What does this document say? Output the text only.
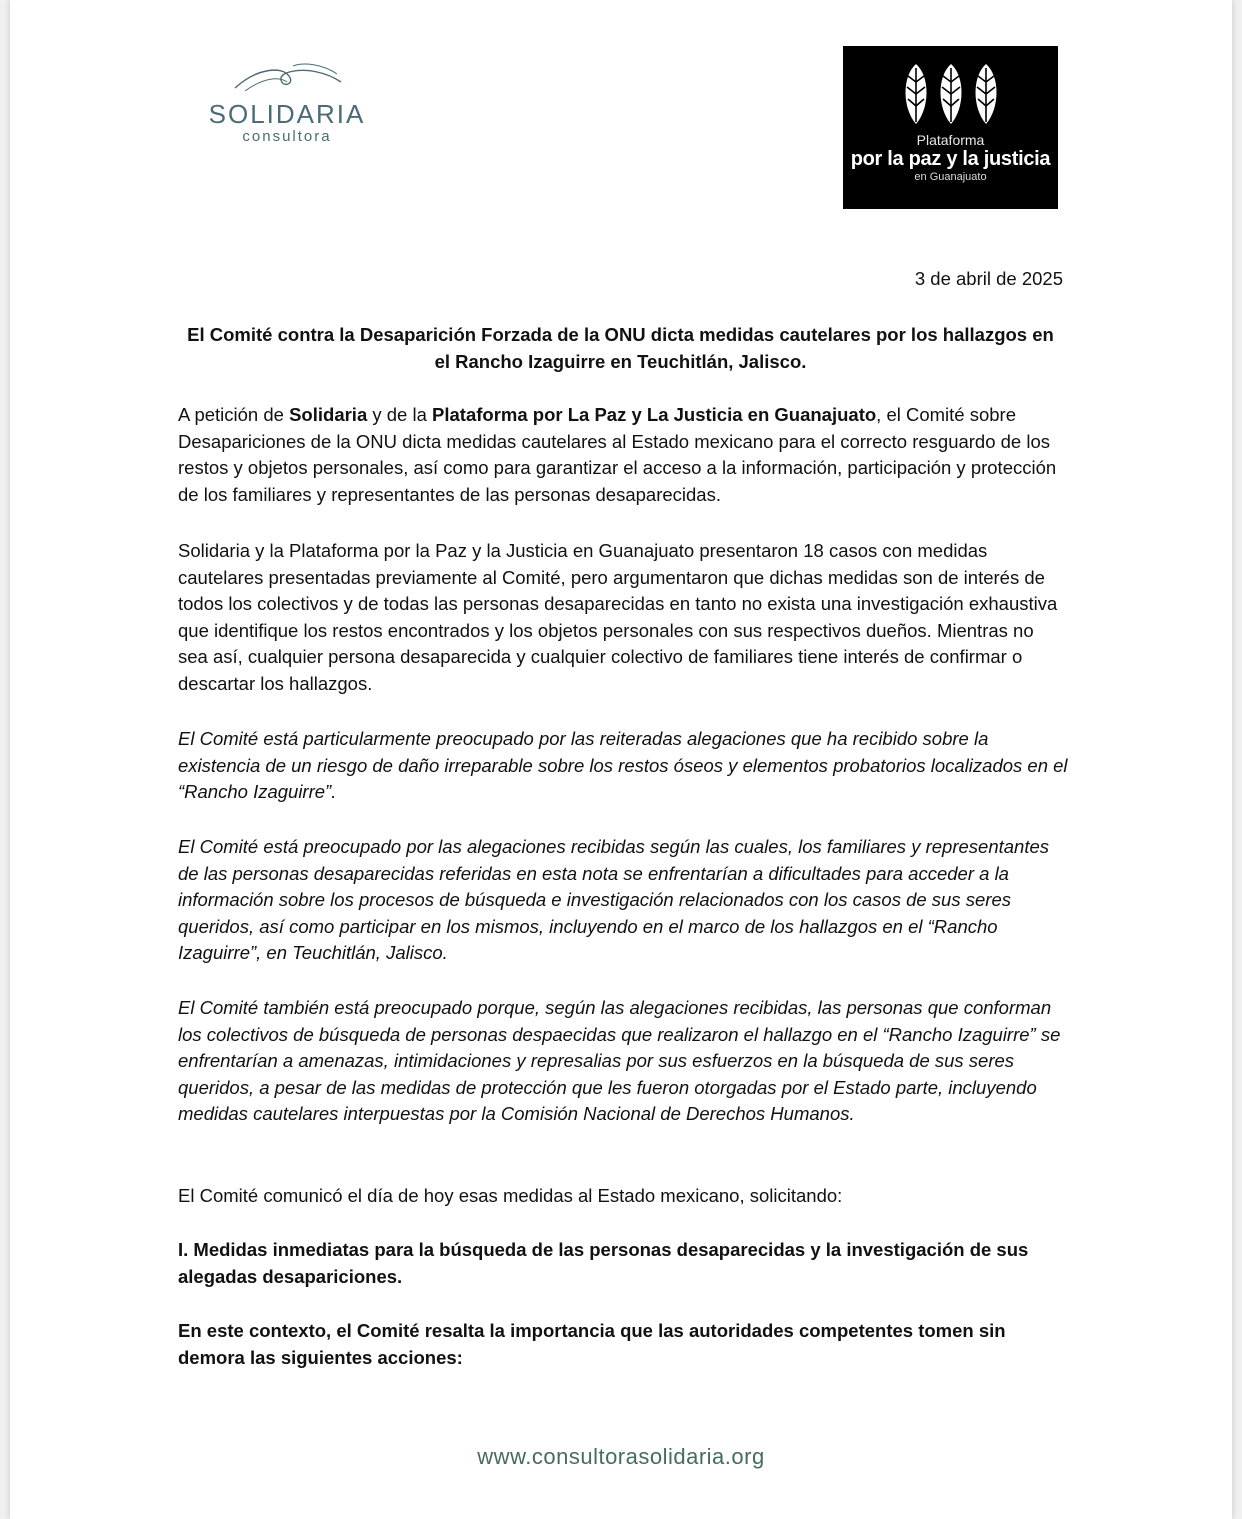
SOLIDARIA
consultora	Plataforma
por la paz y la justicia
en Guanajuato
3 de abril de 2025
El Comité contra la Desaparición Forzada de la ONU dicta medidas cautelares por los hallazgos en el Rancho Izaguirre en Teuchitlán, Jalisco.

A petición de Solidaria y de la Plataforma por La Paz y La Justicia en Guanajuato, el Comité sobre Desapariciones de la ONU dicta medidas cautelares al Estado mexicano para el correcto resguardo de los restos y objetos personales, así como para garantizar el acceso a la información, participación y protección de los familiares y representantes de las personas desaparecidas.

Solidaria y la Plataforma por la Paz y la Justicia en Guanajuato presentaron 18 casos con medidas cautelares presentadas previamente al Comité, pero argumentaron que dichas medidas son de interés de todos los colectivos y de todas las personas desaparecidas en tanto no exista una investigación exhaustiva que identifique los restos encontrados y los objetos personales con sus respectivos dueños. Mientras no sea así, cualquier persona desaparecida y cualquier colectivo de familiares tiene interés de confirmar o descartar los hallazgos.

El Comité está particularmente preocupado por las reiteradas alegaciones que ha recibido sobre la existencia de un riesgo de daño irreparable sobre los restos óseos y elementos probatorios localizados en el “Rancho Izaguirre”.

El Comité está preocupado por las alegaciones recibidas según las cuales, los familiares y representantes de las personas desaparecidas referidas en esta nota se enfrentarían a dificultades para acceder a la información sobre los procesos de búsqueda e investigación relacionados con los casos de sus seres queridos, así como participar en los mismos, incluyendo en el marco de los hallazgos en el “Rancho Izaguirre”, en Teuchitlán, Jalisco.

El Comité también está preocupado porque, según las alegaciones recibidas, las personas que conforman los colectivos de búsqueda de personas despaecidas que realizaron el hallazgo en el “Rancho Izaguirre” se enfrentarían a amenazas, intimidaciones y represalias por sus esfuerzos en la búsqueda de sus seres queridos, a pesar de las medidas de protección que les fueron otorgadas por el Estado parte, incluyendo medidas cautelares interpuestas por la Comisión Nacional de Derechos Humanos.

El Comité comunicó el día de hoy esas medidas al Estado mexicano, solicitando:

I. Medidas inmediatas para la búsqueda de las personas desaparecidas y la investigación de sus alegadas desapariciones.

En este contexto, el Comité resalta la importancia que las autoridades competentes tomen sin demora las siguientes acciones:

www.consultorasolidaria.org
